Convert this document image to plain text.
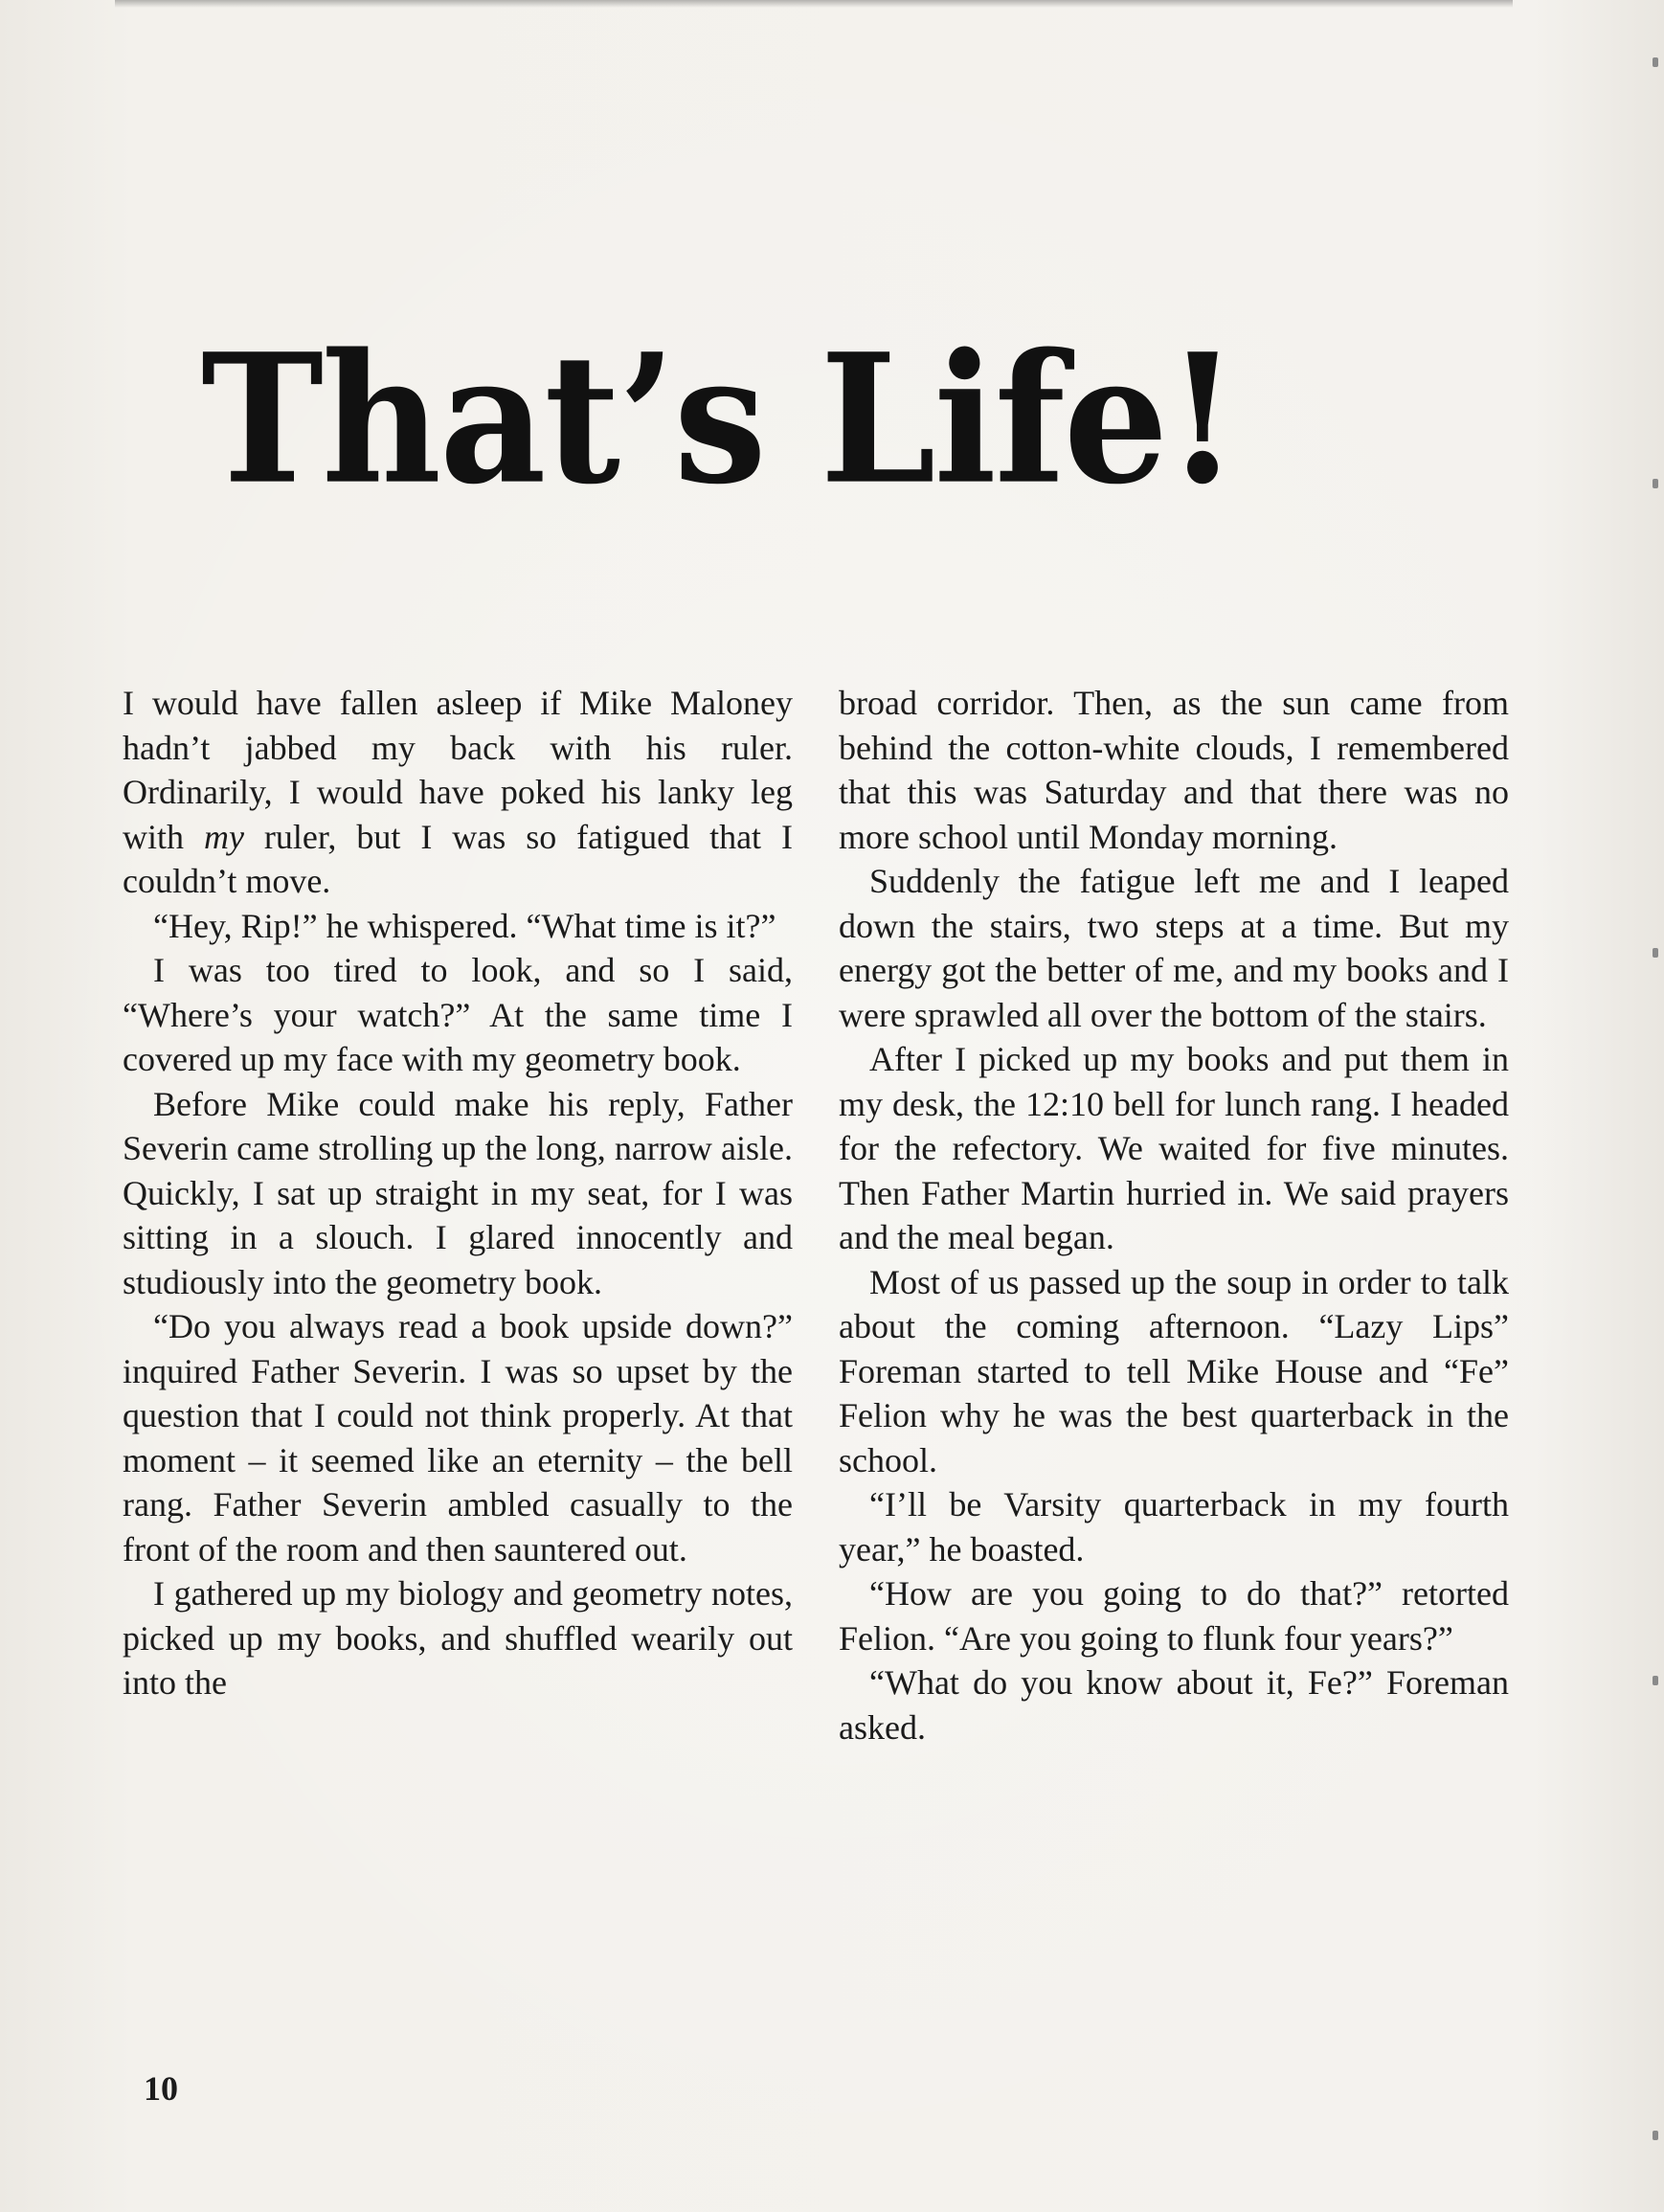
That’s Life!

I would have fallen asleep if Mike Maloney hadn’t jabbed my back with his ruler. Ordinarily, I would have poked his lanky leg with my ruler, but I was so fatigued that I couldn’t move.

“Hey, Rip!” he whispered. “What time is it?”

I was too tired to look, and so I said, “Where’s your watch?” At the same time I covered up my face with my geometry book.

Before Mike could make his reply, Father Severin came strolling up the long, narrow aisle. Quickly, I sat up straight in my seat, for I was sitting in a slouch. I glared innocently and studiously into the geometry book.

“Do you always read a book upside down?” inquired Father Severin. I was so upset by the question that I could not think properly. At that moment – it seemed like an eternity – the bell rang. Father Severin ambled casually to the front of the room and then sauntered out.

I gathered up my biology and geometry notes, picked up my books, and shuffled wearily out into the

broad corridor. Then, as the sun came from behind the cotton-white clouds, I remembered that this was Saturday and that there was no more school until Monday morning.

Suddenly the fatigue left me and I leaped down the stairs, two steps at a time. But my energy got the better of me, and my books and I were sprawled all over the bottom of the stairs.

After I picked up my books and put them in my desk, the 12:10 bell for lunch rang. I headed for the refectory. We waited for five minutes. Then Father Martin hurried in. We said prayers and the meal began.

Most of us passed up the soup in order to talk about the coming afternoon. “Lazy Lips” Foreman started to tell Mike House and “Fe” Felion why he was the best quarterback in the school.

“I’ll be Varsity quarterback in my fourth year,” he boasted.

“How are you going to do that?” retorted Felion. “Are you going to flunk four years?”

“What do you know about it, Fe?” Foreman asked.

10
